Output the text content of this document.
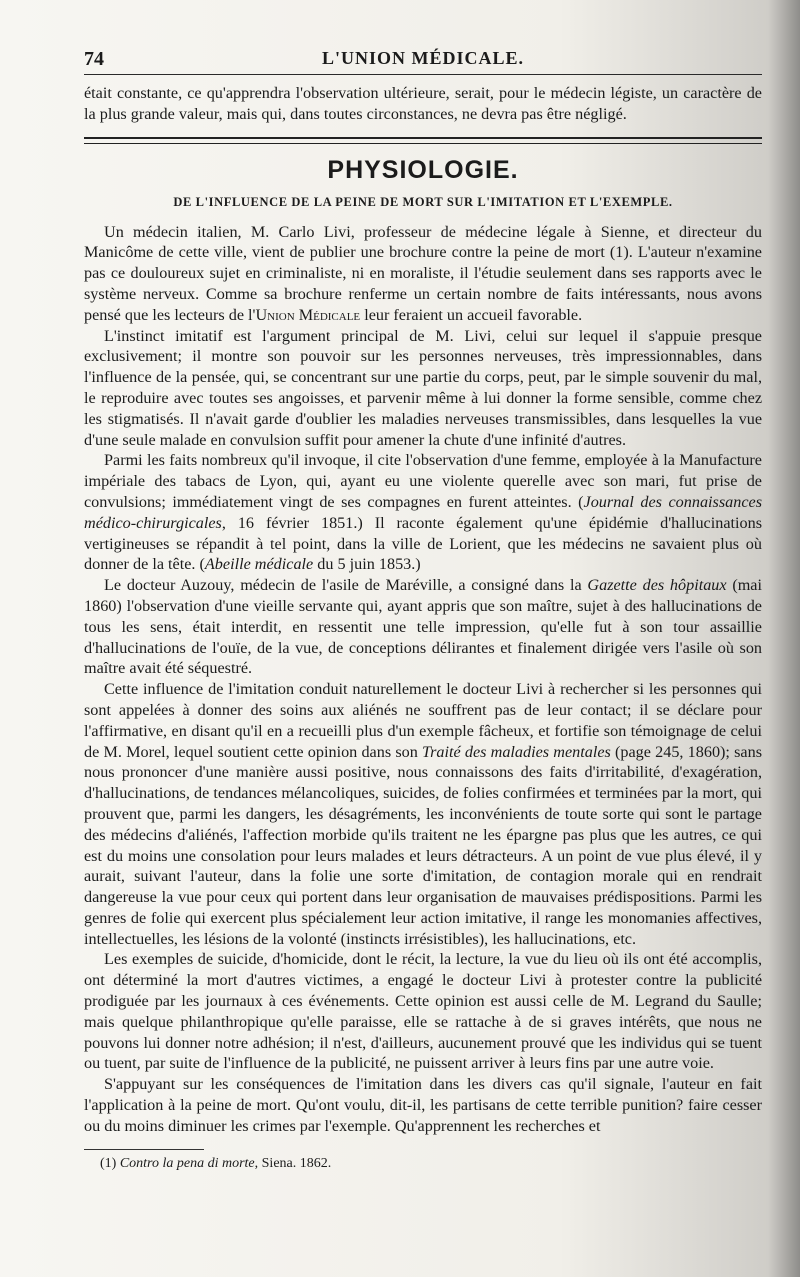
74	L'UNION MÉDICALE.

était constante, ce qu'apprendra l'observation ultérieure, serait, pour le médecin légiste, un caractère de la plus grande valeur, mais qui, dans toutes circonstances, ne devra pas être négligé.

PHYSIOLOGIE.
DE L'INFLUENCE DE LA PEINE DE MORT SUR L'IMITATION ET L'EXEMPLE.

Un médecin italien, M. Carlo Livi, professeur de médecine légale à Sienne, et directeur du Manicôme de cette ville, vient de publier une brochure contre la peine de mort (1). L'auteur n'examine pas ce douloureux sujet en criminaliste, ni en moraliste, il l'étudie seulement dans ses rapports avec le système nerveux. Comme sa brochure renferme un certain nombre de faits intéressants, nous avons pensé que les lecteurs de l'Union Médicale leur feraient un accueil favorable.

L'instinct imitatif est l'argument principal de M. Livi, celui sur lequel il s'appuie presque exclusivement; il montre son pouvoir sur les personnes nerveuses, très impressionnables, dans l'influence de la pensée, qui, se concentrant sur une partie du corps, peut, par le simple souvenir du mal, le reproduire avec toutes ses angoisses, et parvenir même à lui donner la forme sensible, comme chez les stigmatisés. Il n'avait garde d'oublier les maladies nerveuses transmissibles, dans lesquelles la vue d'une seule malade en convulsion suffit pour amener la chute d'une infinité d'autres.

Parmi les faits nombreux qu'il invoque, il cite l'observation d'une femme, employée à la Manufacture impériale des tabacs de Lyon, qui, ayant eu une violente querelle avec son mari, fut prise de convulsions; immédiatement vingt de ses compagnes en furent atteintes. (Journal des connaissances médico-chirurgicales, 16 février 1851.) Il raconte également qu'une épidémie d'hallucinations vertigineuses se répandit à tel point, dans la ville de Lorient, que les médecins ne savaient plus où donner de la tête. (Abeille médicale du 5 juin 1853.)

Le docteur Auzouy, médecin de l'asile de Maréville, a consigné dans la Gazette des hôpitaux (mai 1860) l'observation d'une vieille servante qui, ayant appris que son maître, sujet à des hallucinations de tous les sens, était interdit, en ressentit une telle impression, qu'elle fut à son tour assaillie d'hallucinations de l'ouïe, de la vue, de conceptions délirantes et finalement dirigée vers l'asile où son maître avait été séquestré.

Cette influence de l'imitation conduit naturellement le docteur Livi à rechercher si les personnes qui sont appelées à donner des soins aux aliénés ne souffrent pas de leur contact; il se déclare pour l'affirmative, en disant qu'il en a recueilli plus d'un exemple fâcheux, et fortifie son témoignage de celui de M. Morel, lequel soutient cette opinion dans son Traité des maladies mentales (page 245, 1860); sans nous prononcer d'une manière aussi positive, nous connaissons des faits d'irritabilité, d'exagération, d'hallucinations, de tendances mélancoliques, suicides, de folies confirmées et terminées par la mort, qui prouvent que, parmi les dangers, les désagréments, les inconvénients de toute sorte qui sont le partage des médecins d'aliénés, l'affection morbide qu'ils traitent ne les épargne pas plus que les autres, ce qui est du moins une consolation pour leurs malades et leurs détracteurs. A un point de vue plus élevé, il y aurait, suivant l'auteur, dans la folie une sorte d'imitation, de contagion morale qui en rendrait dangereuse la vue pour ceux qui portent dans leur organisation de mauvaises prédispositions. Parmi les genres de folie qui exercent plus spécialement leur action imitative, il range les monomanies affectives, intellectuelles, les lésions de la volonté (instincts irrésistibles), les hallucinations, etc.

Les exemples de suicide, d'homicide, dont le récit, la lecture, la vue du lieu où ils ont été accomplis, ont déterminé la mort d'autres victimes, a engagé le docteur Livi à protester contre la publicité prodiguée par les journaux à ces événements. Cette opinion est aussi celle de M. Legrand du Saulle; mais quelque philanthropique qu'elle paraisse, elle se rattache à de si graves intérêts, que nous ne pouvons lui donner notre adhésion; il n'est, d'ailleurs, aucunement prouvé que les individus qui se tuent ou tuent, par suite de l'influence de la publicité, ne puissent arriver à leurs fins par une autre voie.

S'appuyant sur les conséquences de l'imitation dans les divers cas qu'il signale, l'auteur en fait l'application à la peine de mort. Qu'ont voulu, dit-il, les partisans de cette terrible punition? faire cesser ou du moins diminuer les crimes par l'exemple. Qu'apprennent les recherches et

(1) Contro la pena di morte, Siena. 1862.
